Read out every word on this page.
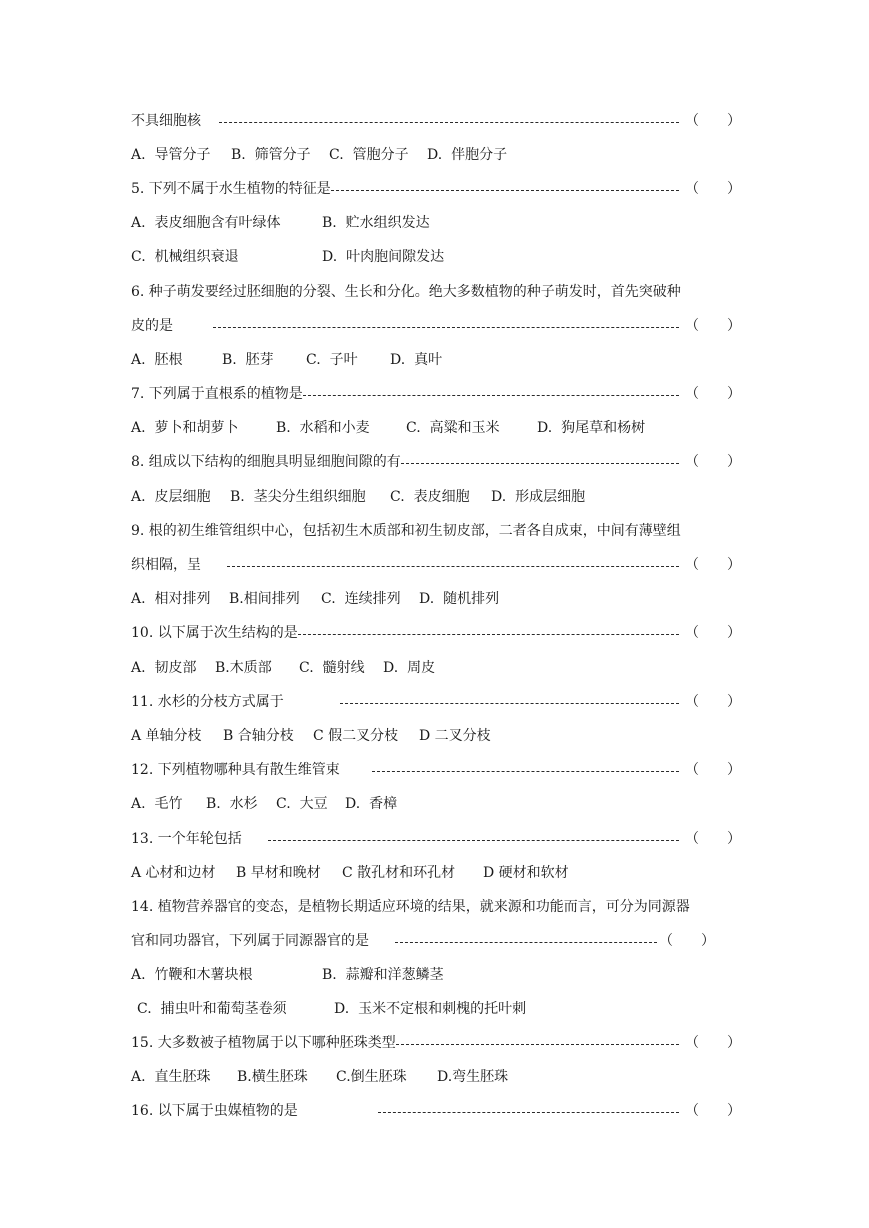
不具细胞核	（　　）
A.  导管分子	B.  筛管分子	C.  管胞分子	D.  伴胞分子
5. 下列不属于水生植物的特征是	（　　）
A.  表皮细胞含有叶绿体	B.  贮水组织发达
C.  机械组织衰退	D.  叶肉胞间隙发达
6. 种子萌发要经过胚细胞的分裂、生长和分化。绝大多数植物的种子萌发时，首先突破种
皮的是	（　　）
A.  胚根	B.  胚芽	C.  子叶	D.  真叶
7. 下列属于直根系的植物是	（　　）
A.  萝卜和胡萝卜	B.  水稻和小麦	C.  高粱和玉米	D.  狗尾草和杨树
8. 组成以下结构的细胞具明显细胞间隙的有	（　　）
A.  皮层细胞	B.  茎尖分生组织细胞	C.  表皮细胞	D.  形成层细胞
9. 根的初生维管组织中心，包括初生木质部和初生韧皮部，二者各自成束，中间有薄壁组
织相隔，呈	（　　）
A.  相对排列	B.相间排列	C.  连续排列	D.  随机排列
10. 以下属于次生结构的是	（　　）
A.  韧皮部	B.木质部	C.  髓射线	D.  周皮
11. 水杉的分枝方式属于	（　　）
A 单轴分枝	B 合轴分枝	C 假二叉分枝	D 二叉分枝
12. 下列植物哪种具有散生维管束	（　　）
A.  毛竹	B.  水杉	C.  大豆	D.  香樟
13. 一个年轮包括	（　　）
A 心材和边材	B 早材和晚材	C 散孔材和环孔材	D 硬材和软材
14. 植物营养器官的变态，是植物长期适应环境的结果，就来源和功能而言，可分为同源器
官和同功器官，下列属于同源器官的是	（　　）
A.  竹鞭和木薯块根	B.  蒜瓣和洋葱鳞茎
C.  捕虫叶和葡萄茎卷须	D.  玉米不定根和刺槐的托叶刺
15. 大多数被子植物属于以下哪种胚珠类型	（　　）
A.  直生胚珠	B.横生胚珠	C.倒生胚珠	D.弯生胚珠
16. 以下属于虫媒植物的是	（　　）
